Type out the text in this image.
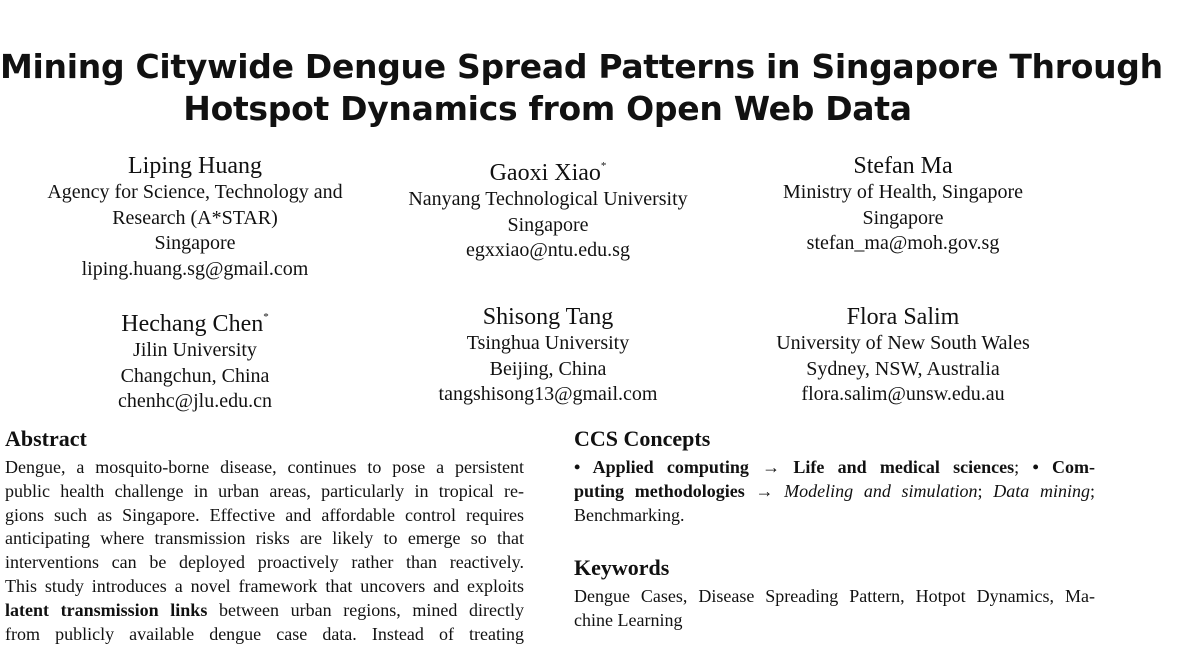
Mining Citywide Dengue Spread Patterns in Singapore Through
Hotspot Dynamics from Open Web Data
Liping Huang
Agency for Science, Technology and
Research (A*STAR)
Singapore
liping.huang.sg@gmail.com
Gaoxi Xiao*
Nanyang Technological University
Singapore
egxxiao@ntu.edu.sg
Stefan Ma
Ministry of Health, Singapore
Singapore
stefan_ma@moh.gov.sg
Hechang Chen*
Jilin University
Changchun, China
chenhc@jlu.edu.cn
Shisong Tang
Tsinghua University
Beijing, China
tangshisong13@gmail.com
Flora Salim
University of New South Wales
Sydney, NSW, Australia
flora.salim@unsw.edu.au
Abstract
Dengue, a mosquito-borne disease, continues to pose a persistent
public health challenge in urban areas, particularly in tropical re-
gions such as Singapore. Effective and affordable control requires
anticipating where transmission risks are likely to emerge so that
interventions can be deployed proactively rather than reactively.
This study introduces a novel framework that uncovers and exploits
latent transmission links between urban regions, mined directly
from publicly available dengue case data. Instead of treating
CCS Concepts
• Applied computing → Life and medical sciences; • Com-
puting methodologies → Modeling and simulation; Data mining;
Benchmarking.
Keywords
Dengue Cases, Disease Spreading Pattern, Hotpot Dynamics, Ma-
chine Learning
